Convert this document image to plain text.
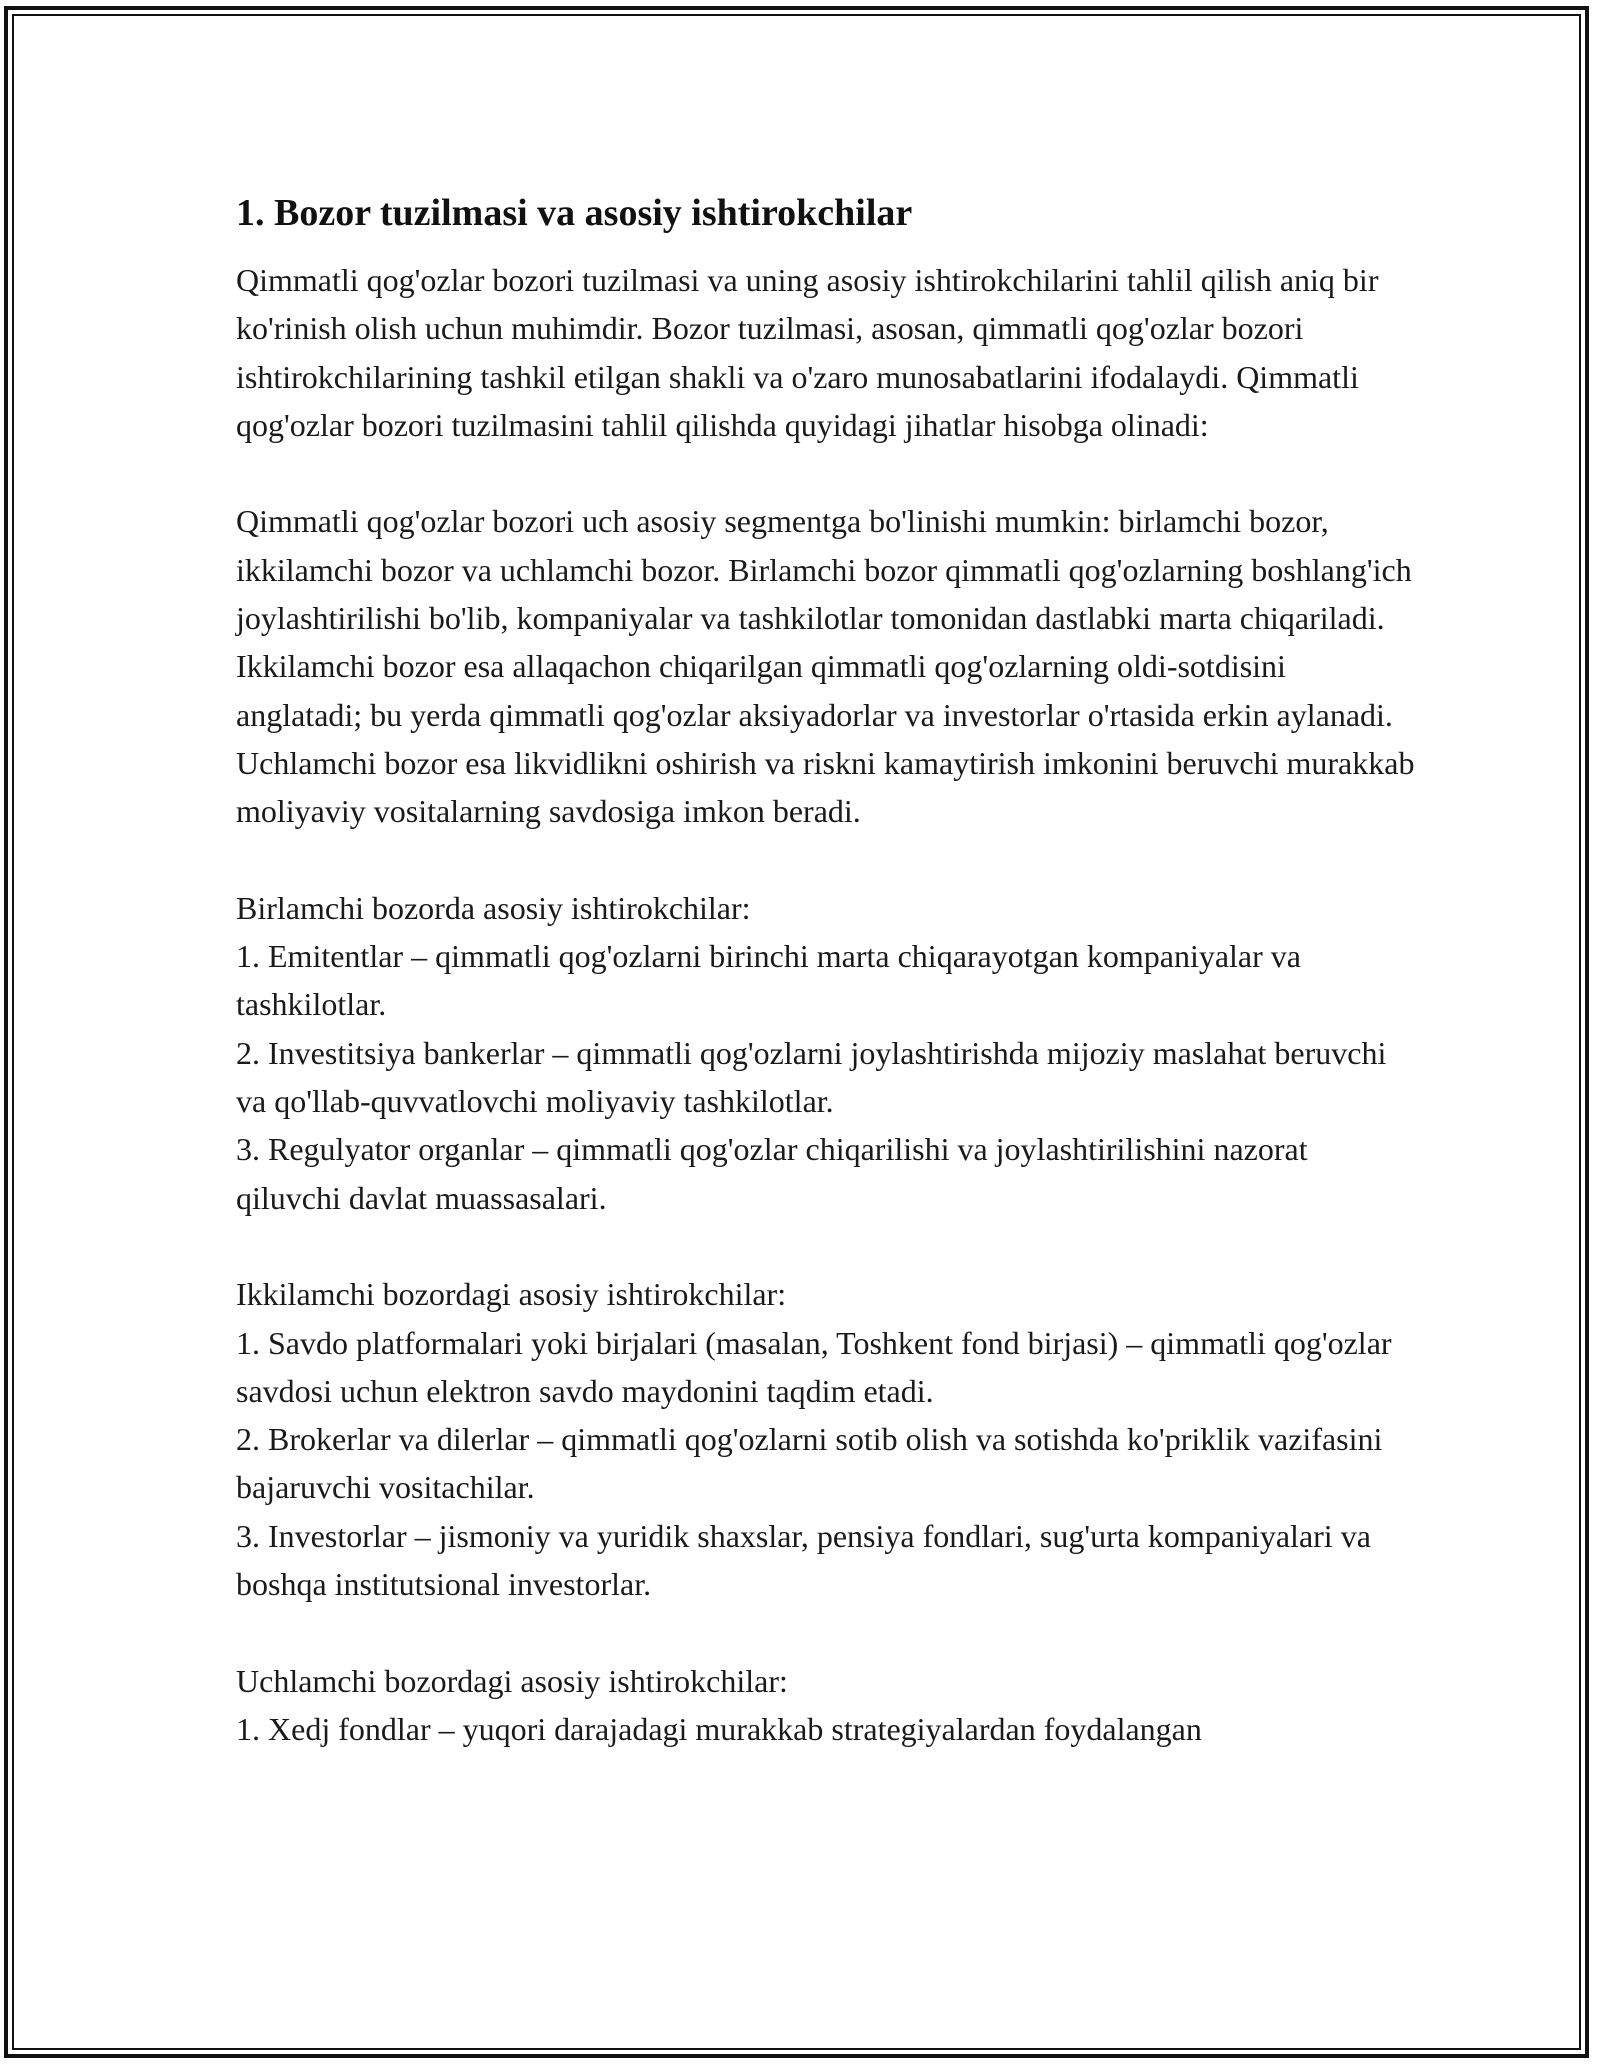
1. Bozor tuzilmasi va asosiy ishtirokchilar

Qimmatli qog'ozlar bozori tuzilmasi va uning asosiy ishtirokchilarini tahlil qilish aniq bir ko'rinish olish uchun muhimdir. Bozor tuzilmasi, asosan, qimmatli qog'ozlar bozori ishtirokchilarining tashkil etilgan shakli va o'zaro munosabatlarini ifodalaydi. Qimmatli qog'ozlar bozori tuzilmasini tahlil qilishda quyidagi jihatlar hisobga olinadi:

Qimmatli qog'ozlar bozori uch asosiy segmentga bo'linishi mumkin: birlamchi bozor, ikkilamchi bozor va uchlamchi bozor. Birlamchi bozor qimmatli qog'ozlarning boshlang'ich joylashtirilishi bo'lib, kompaniyalar va tashkilotlar tomonidan dastlabki marta chiqariladi. Ikkilamchi bozor esa allaqachon chiqarilgan qimmatli qog'ozlarning oldi-sotdisini anglatadi; bu yerda qimmatli qog'ozlar aksiyadorlar va investorlar o'rtasida erkin aylanadi. Uchlamchi bozor esa likvidlikni oshirish va riskni kamaytirish imkonini beruvchi murakkab moliyaviy vositalarning savdosiga imkon beradi.

Birlamchi bozorda asosiy ishtirokchilar:

1. Emitentlar – qimmatli qog'ozlarni birinchi marta chiqarayotgan kompaniyalar va tashkilotlar.

2. Investitsiya bankerlar – qimmatli qog'ozlarni joylashtirishda mijoziy maslahat beruvchi va qo'llab-quvvatlovchi moliyaviy tashkilotlar.

3. Regulyator organlar – qimmatli qog'ozlar chiqarilishi va joylashtirilishini nazorat qiluvchi davlat muassasalari.

Ikkilamchi bozordagi asosiy ishtirokchilar:

1. Savdo platformalari yoki birjalari (masalan, Toshkent fond birjasi) – qimmatli qog'ozlar savdosi uchun elektron savdo maydonini taqdim etadi.

2. Brokerlar va dilerlar – qimmatli qog'ozlarni sotib olish va sotishda ko'priklik vazifasini bajaruvchi vositachilar.

3. Investorlar – jismoniy va yuridik shaxslar, pensiya fondlari, sug'urta kompaniyalari va boshqa institutsional investorlar.

Uchlamchi bozordagi asosiy ishtirokchilar:

1. Xedj fondlar – yuqori darajadagi murakkab strategiyalardan foydalangan
